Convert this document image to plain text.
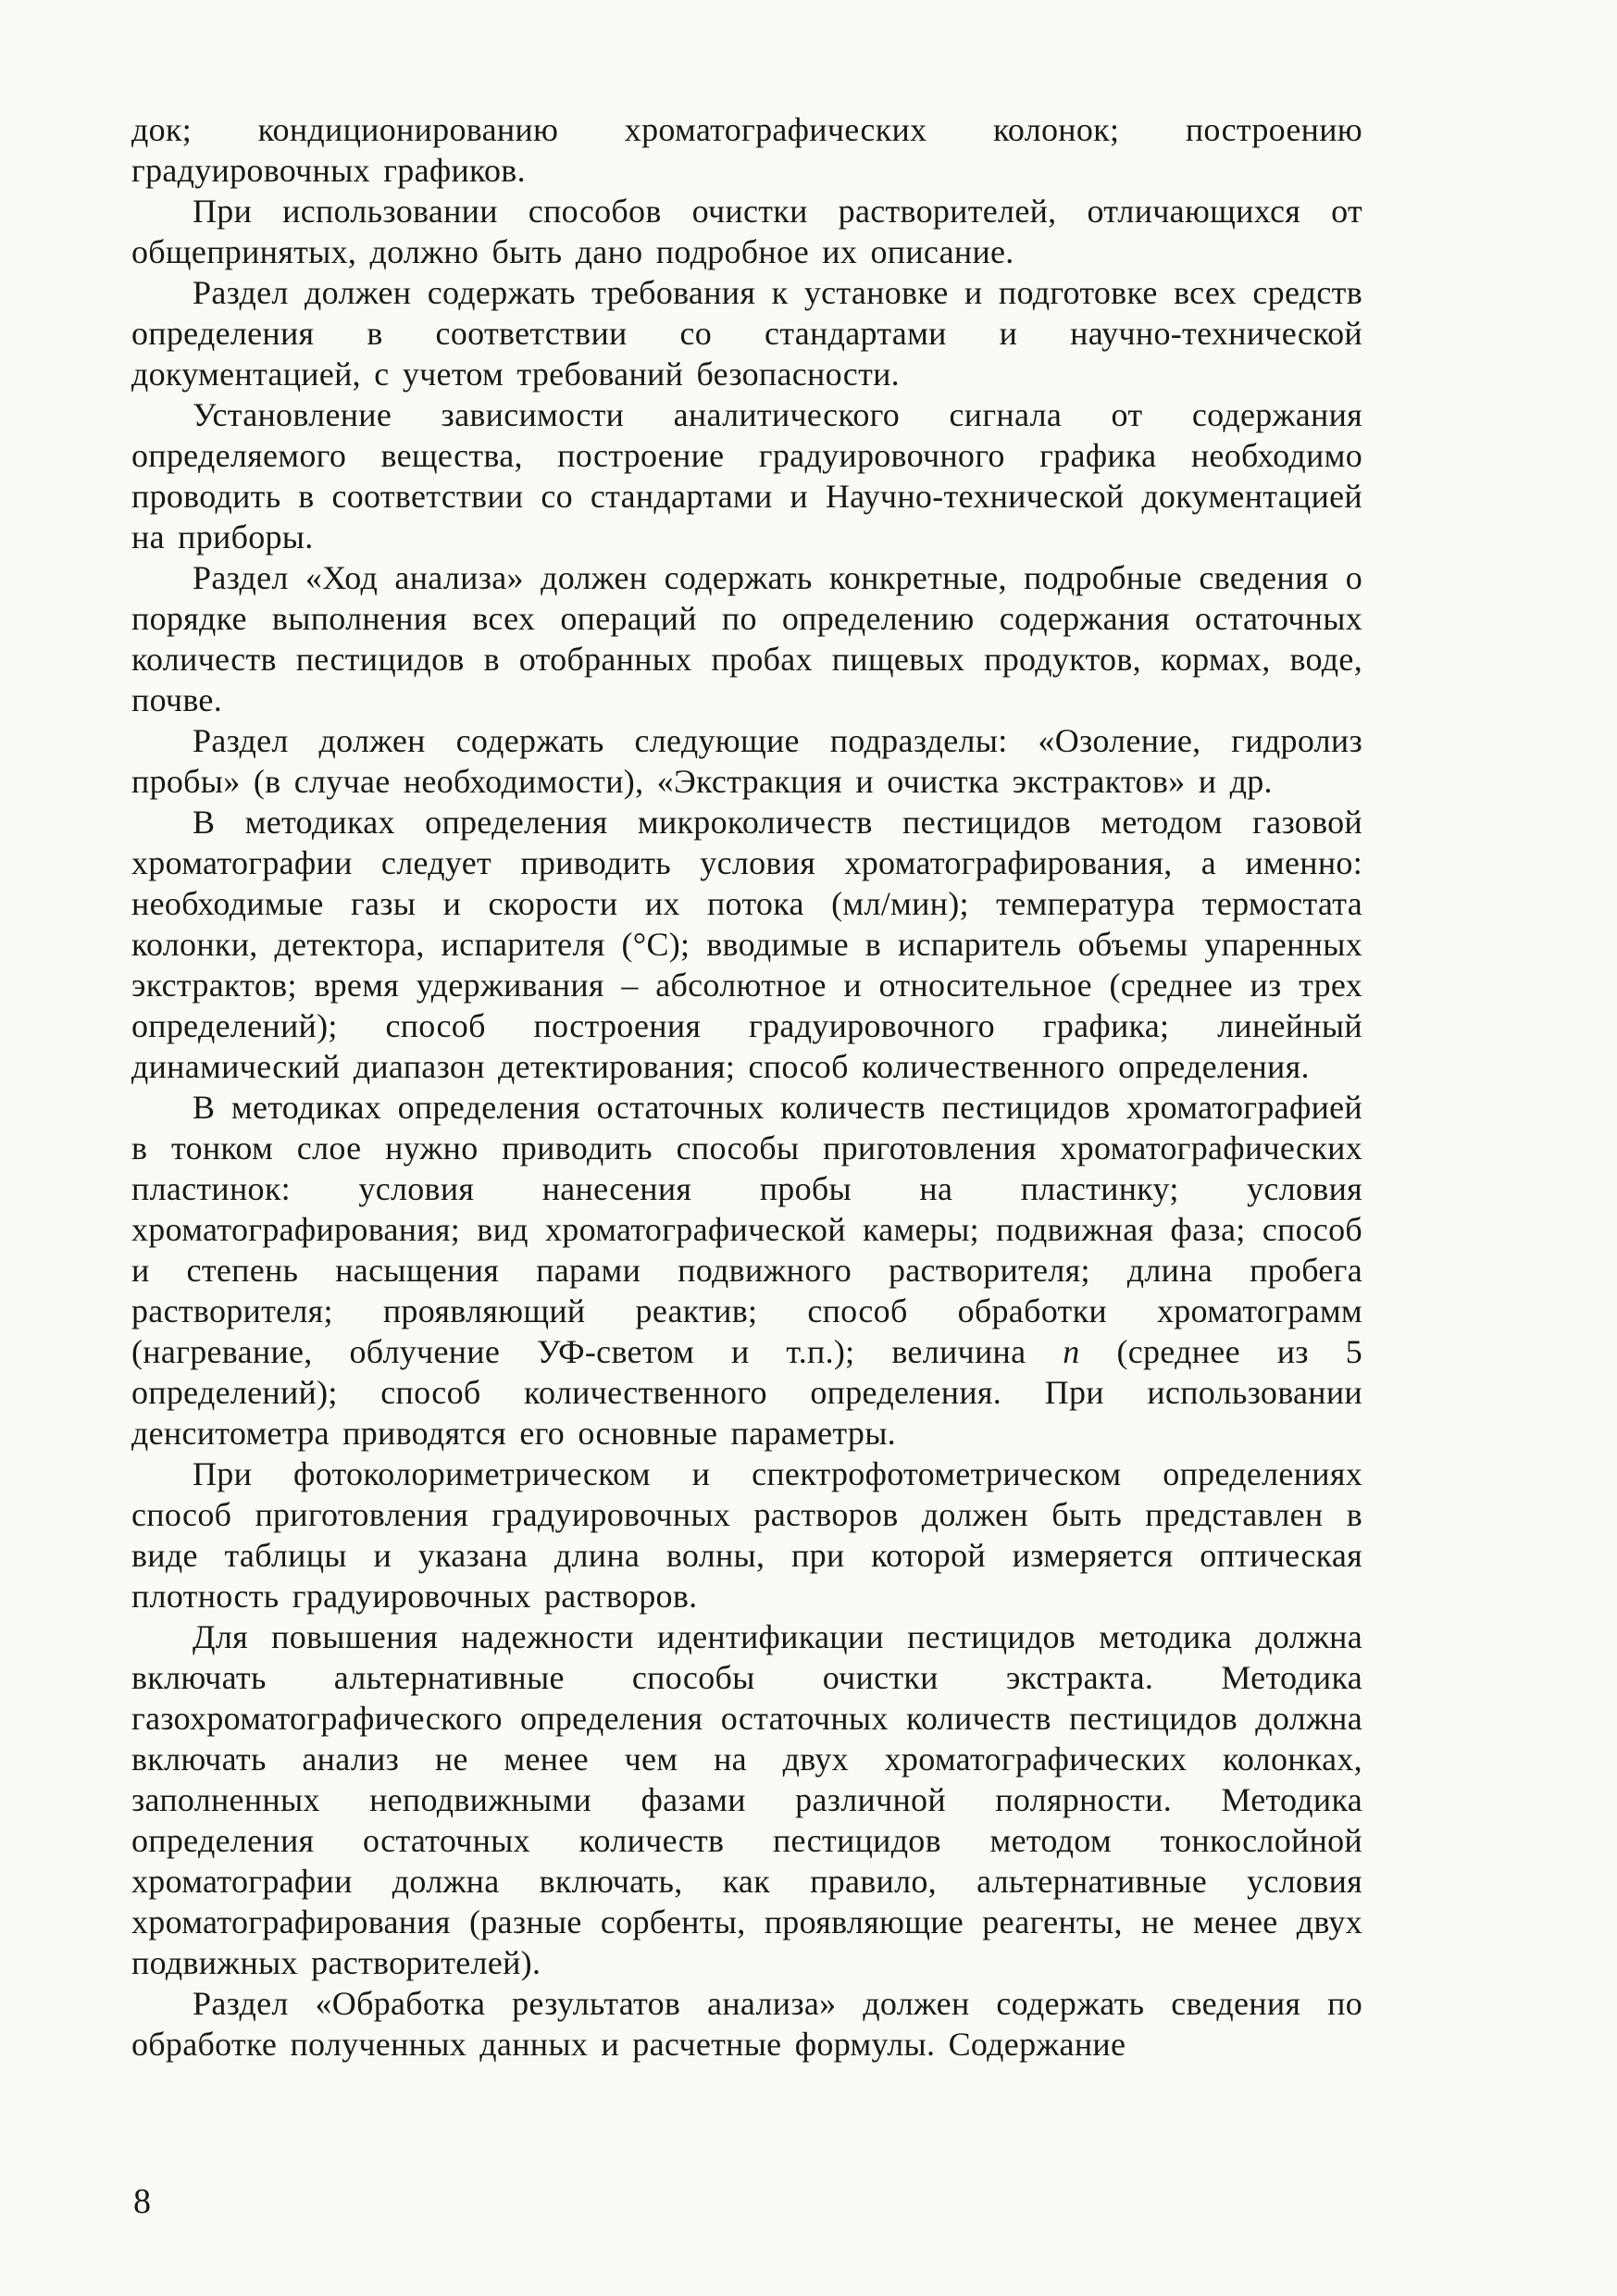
док; кондиционированию хроматографических колонок; построению градуировочных графиков.

При использовании способов очистки растворителей, отличающихся от общепринятых, должно быть дано подробное их описание.

Раздел должен содержать требования к установке и подготовке всех средств определения в соответствии со стандартами и научно-технической документацией, с учетом требований безопасности.

Установление зависимости аналитического сигнала от содержания определяемого вещества, построение градуировочного графика необходимо проводить в соответствии со стандартами и Научно-технической документацией на приборы.

Раздел «Ход анализа» должен содержать конкретные, подробные сведения о порядке выполнения всех операций по определению содержания остаточных количеств пестицидов в отобранных пробах пищевых продуктов, кормах, воде, почве.

Раздел должен содержать следующие подразделы: «Озоление, гидролиз пробы» (в случае необходимости), «Экстракция и очистка экстрактов» и др.

В методиках определения микроколичеств пестицидов методом газовой хроматографии следует приводить условия хроматографирования, а именно: необходимые газы и скорости их потока (мл/мин); температура термостата колонки, детектора, испарителя (°С); вводимые в испаритель объемы упаренных экстрактов; время удерживания – абсолютное и относительное (среднее из трех определений); способ построения градуировочного графика; линейный динамический диапазон детектирования; способ количественного определения.

В методиках определения остаточных количеств пестицидов хроматографией в тонком слое нужно приводить способы приготовления хроматографических пластинок: условия нанесения пробы на пластинку; условия хроматографирования; вид хроматографической камеры; подвижная фаза; способ и степень насыщения парами подвижного растворителя; длина пробега растворителя; проявляющий реактив; способ обработки хроматограмм (нагревание, облучение УФ-светом и т.п.); величина n (среднее из 5 определений); способ количественного определения. При использовании денситометра приводятся его основные параметры.

При фотоколориметрическом и спектрофотометрическом определениях способ приготовления градуировочных растворов должен быть представлен в виде таблицы и указана длина волны, при которой измеряется оптическая плотность градуировочных растворов.

Для повышения надежности идентификации пестицидов методика должна включать альтернативные способы очистки экстракта. Методика газохроматографического определения остаточных количеств пестицидов должна включать анализ не менее чем на двух хроматографических колонках, заполненных неподвижными фазами различной полярности. Методика определения остаточных количеств пестицидов методом тонкослойной хроматографии должна включать, как правило, альтернативные условия хроматографирования (разные сорбенты, проявляющие реагенты, не менее двух подвижных растворителей).

Раздел «Обработка результатов анализа» должен содержать сведения по обработке полученных данных и расчетные формулы. Содержание

8
